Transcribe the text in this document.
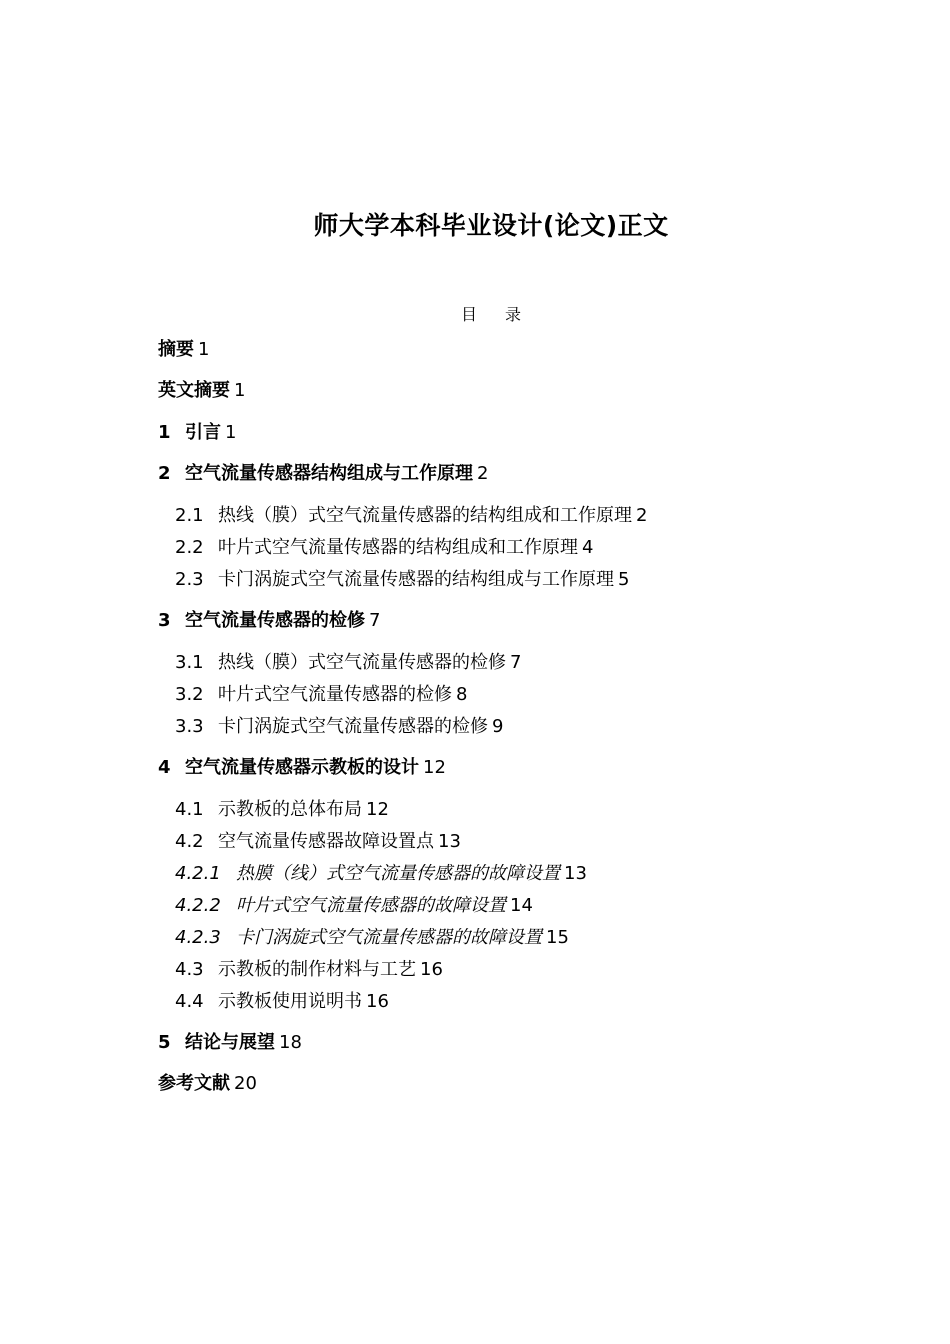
师大学本科毕业设计(论文)正文
目 录
摘要 1
英文摘要 1
1 引言 1
2 空气流量传感器结构组成与工作原理 2
2.1 热线（膜）式空气流量传感器的结构组成和工作原理 2
2.2 叶片式空气流量传感器的结构组成和工作原理 4
2.3 卡门涡旋式空气流量传感器的结构组成与工作原理 5
3 空气流量传感器的检修 7
3.1 热线（膜）式空气流量传感器的检修 7
3.2 叶片式空气流量传感器的检修 8
3.3 卡门涡旋式空气流量传感器的检修 9
4 空气流量传感器示教板的设计 12
4.1 示教板的总体布局 12
4.2 空气流量传感器故障设置点 13
4.2.1 热膜（线）式空气流量传感器的故障设置 13
4.2.2 叶片式空气流量传感器的故障设置 14
4.2.3 卡门涡旋式空气流量传感器的故障设置 15
4.3 示教板的制作材料与工艺 16
4.4 示教板使用说明书 16
5 结论与展望 18
参考文献 20
